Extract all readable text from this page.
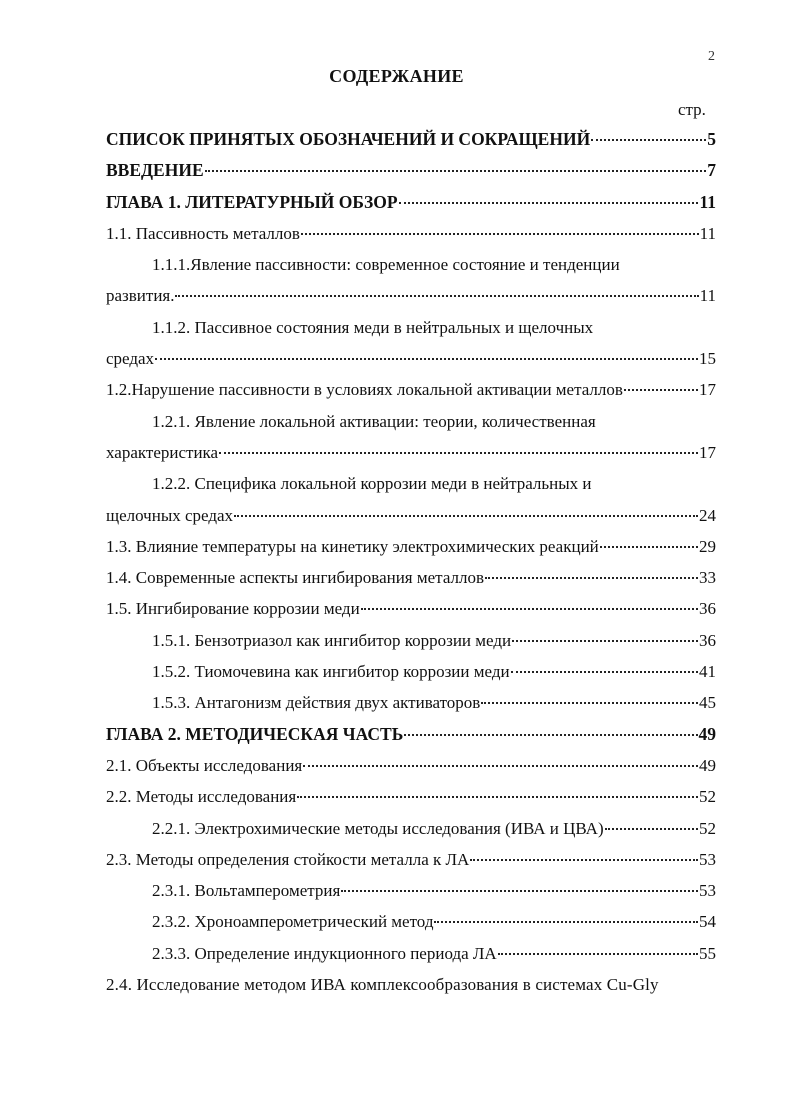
2
СОДЕРЖАНИЕ
стр.
СПИСОК ПРИНЯТЫХ ОБОЗНАЧЕНИЙ И СОКРАЩЕНИЙ	5
ВВЕДЕНИЕ	7
ГЛАВА 1. ЛИТЕРАТУРНЫЙ ОБЗОР	11
1.1. Пассивность металлов	11
1.1.1.Явление пассивности: современное состояние и тенденции
развития.	11
1.1.2. Пассивное состояния меди в нейтральных и щелочных
средах	15
1.2.Нарушение пассивности в условиях локальной активации металлов	17
1.2.1. Явление локальной активации: теории, количественная
характеристика	17
1.2.2. Специфика локальной коррозии меди в нейтральных и
щелочных средах	24
1.3. Влияние температуры на кинетику электрохимических реакций	29
1.4. Современные аспекты ингибирования металлов	33
1.5. Ингибирование коррозии меди	36
1.5.1. Бензотриазол как ингибитор коррозии меди	36
1.5.2. Тиомочевина как ингибитор коррозии меди	41
1.5.3. Антагонизм действия двух активаторов	45
ГЛАВА 2. МЕТОДИЧЕСКАЯ ЧАСТЬ	49
2.1. Объекты исследования	49
2.2. Методы исследования	52
2.2.1. Электрохимические методы исследования (ИВА и ЦВА)	52
2.3. Методы определения стойкости металла к ЛА	53
2.3.1. Вольтамперометрия	53
2.3.2. Хроноамперометрический метод	54
2.3.3. Определение индукционного периода ЛА	55
2.4. Исследование методом ИВА комплексообразования в системах Cu-Gly
